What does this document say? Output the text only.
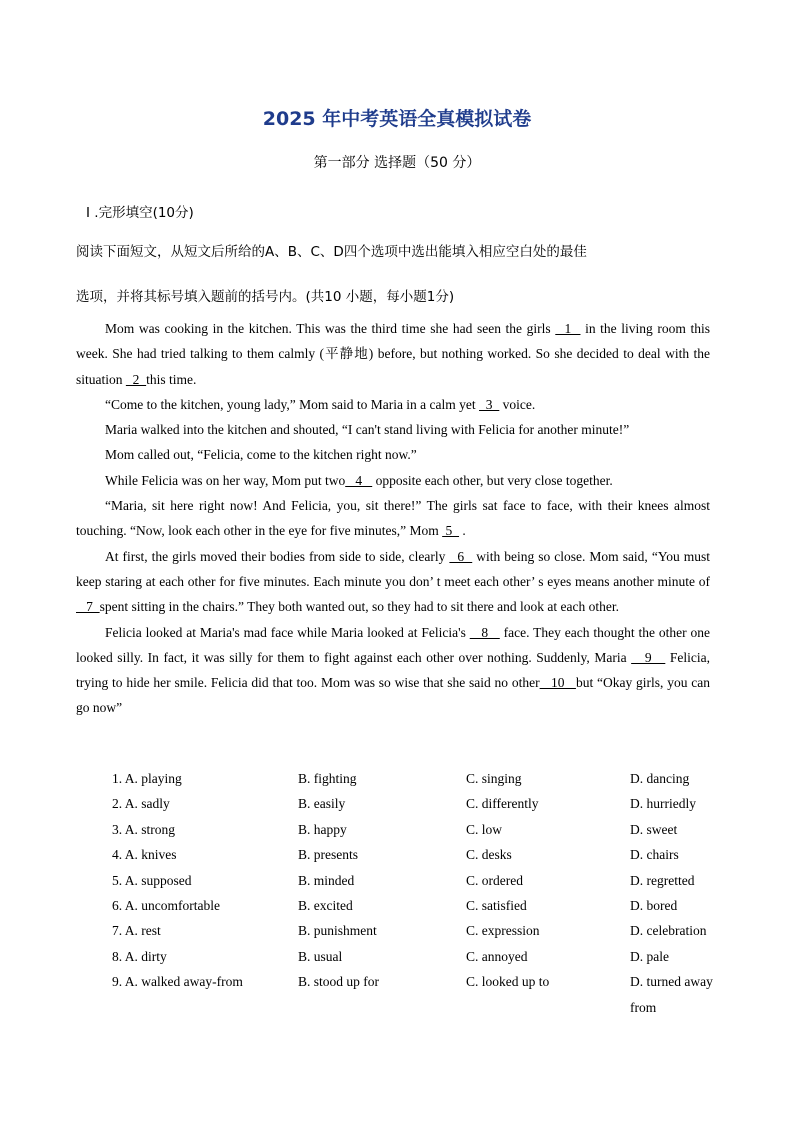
2025 年中考英语全真模拟试卷
第一部分 选择题（50 分）
I .完形填空(10分)
阅读下面短文，从短文后所给的A、B、C、D四个选项中选出能填入相应空白处的最佳
选项，并将其标号填入题前的括号内。(共10 小题，每小题1分)

Mom was cooking in the kitchen. This was the third time she had seen the girls   1   in the living room this week. She had tried talking to them calmly (平静地) before, but nothing worked. So she decided to deal with the situation   2  this time.

“Come to the kitchen, young lady,” Mom said to Maria in a calm yet   3   voice.

Maria walked into the kitchen and shouted, “I can't stand living with Felicia for another minute!”

Mom called out, “Felicia, come to the kitchen right now.”

While Felicia was on her way, Mom put two   4    opposite each other, but very close together.

“Maria, sit here right now! And Felicia, you, sit there!” The girls sat face to face, with their knees almost touching. “Now, look each other in the eye for five minutes,” Mom  5   .

At first, the girls moved their bodies from side to side, clearly   6   with being so close. Mom said, “You must keep staring at each other for five minutes. Each minute you don’ t meet each other’ s eyes means another minute of   7  spent sitting in the chairs.” They both wanted out, so they had to sit there and look at each other.

Felicia looked at Maria's mad face while Maria looked at Felicia's    8    face. They each thought the other one looked silly. In fact, it was silly for them to fight against each other over nothing. Suddenly, Maria    9    Felicia, trying to hide her smile. Felicia did that too. Mom was so wise that she said no other   10   but “Okay girls, you can go now”

1. A. playing	B. fighting	C. singing	D. dancing
2. A. sadly	B. easily	C. differently	D. hurriedly
3. A. strong	B. happy	C. low	D. sweet
4. A. knives	B. presents	C. desks	D. chairs
5. A. supposed	B. minded	C. ordered	D. regretted
6. A. uncomfortable	B. excited	C. satisfied	D. bored
7. A. rest	B. punishment	C. expression	D. celebration
8. A. dirty	B. usual	C. annoyed	D. pale
9. A. walked away-from	B. stood up for	C. looked up to	D. turned away from
